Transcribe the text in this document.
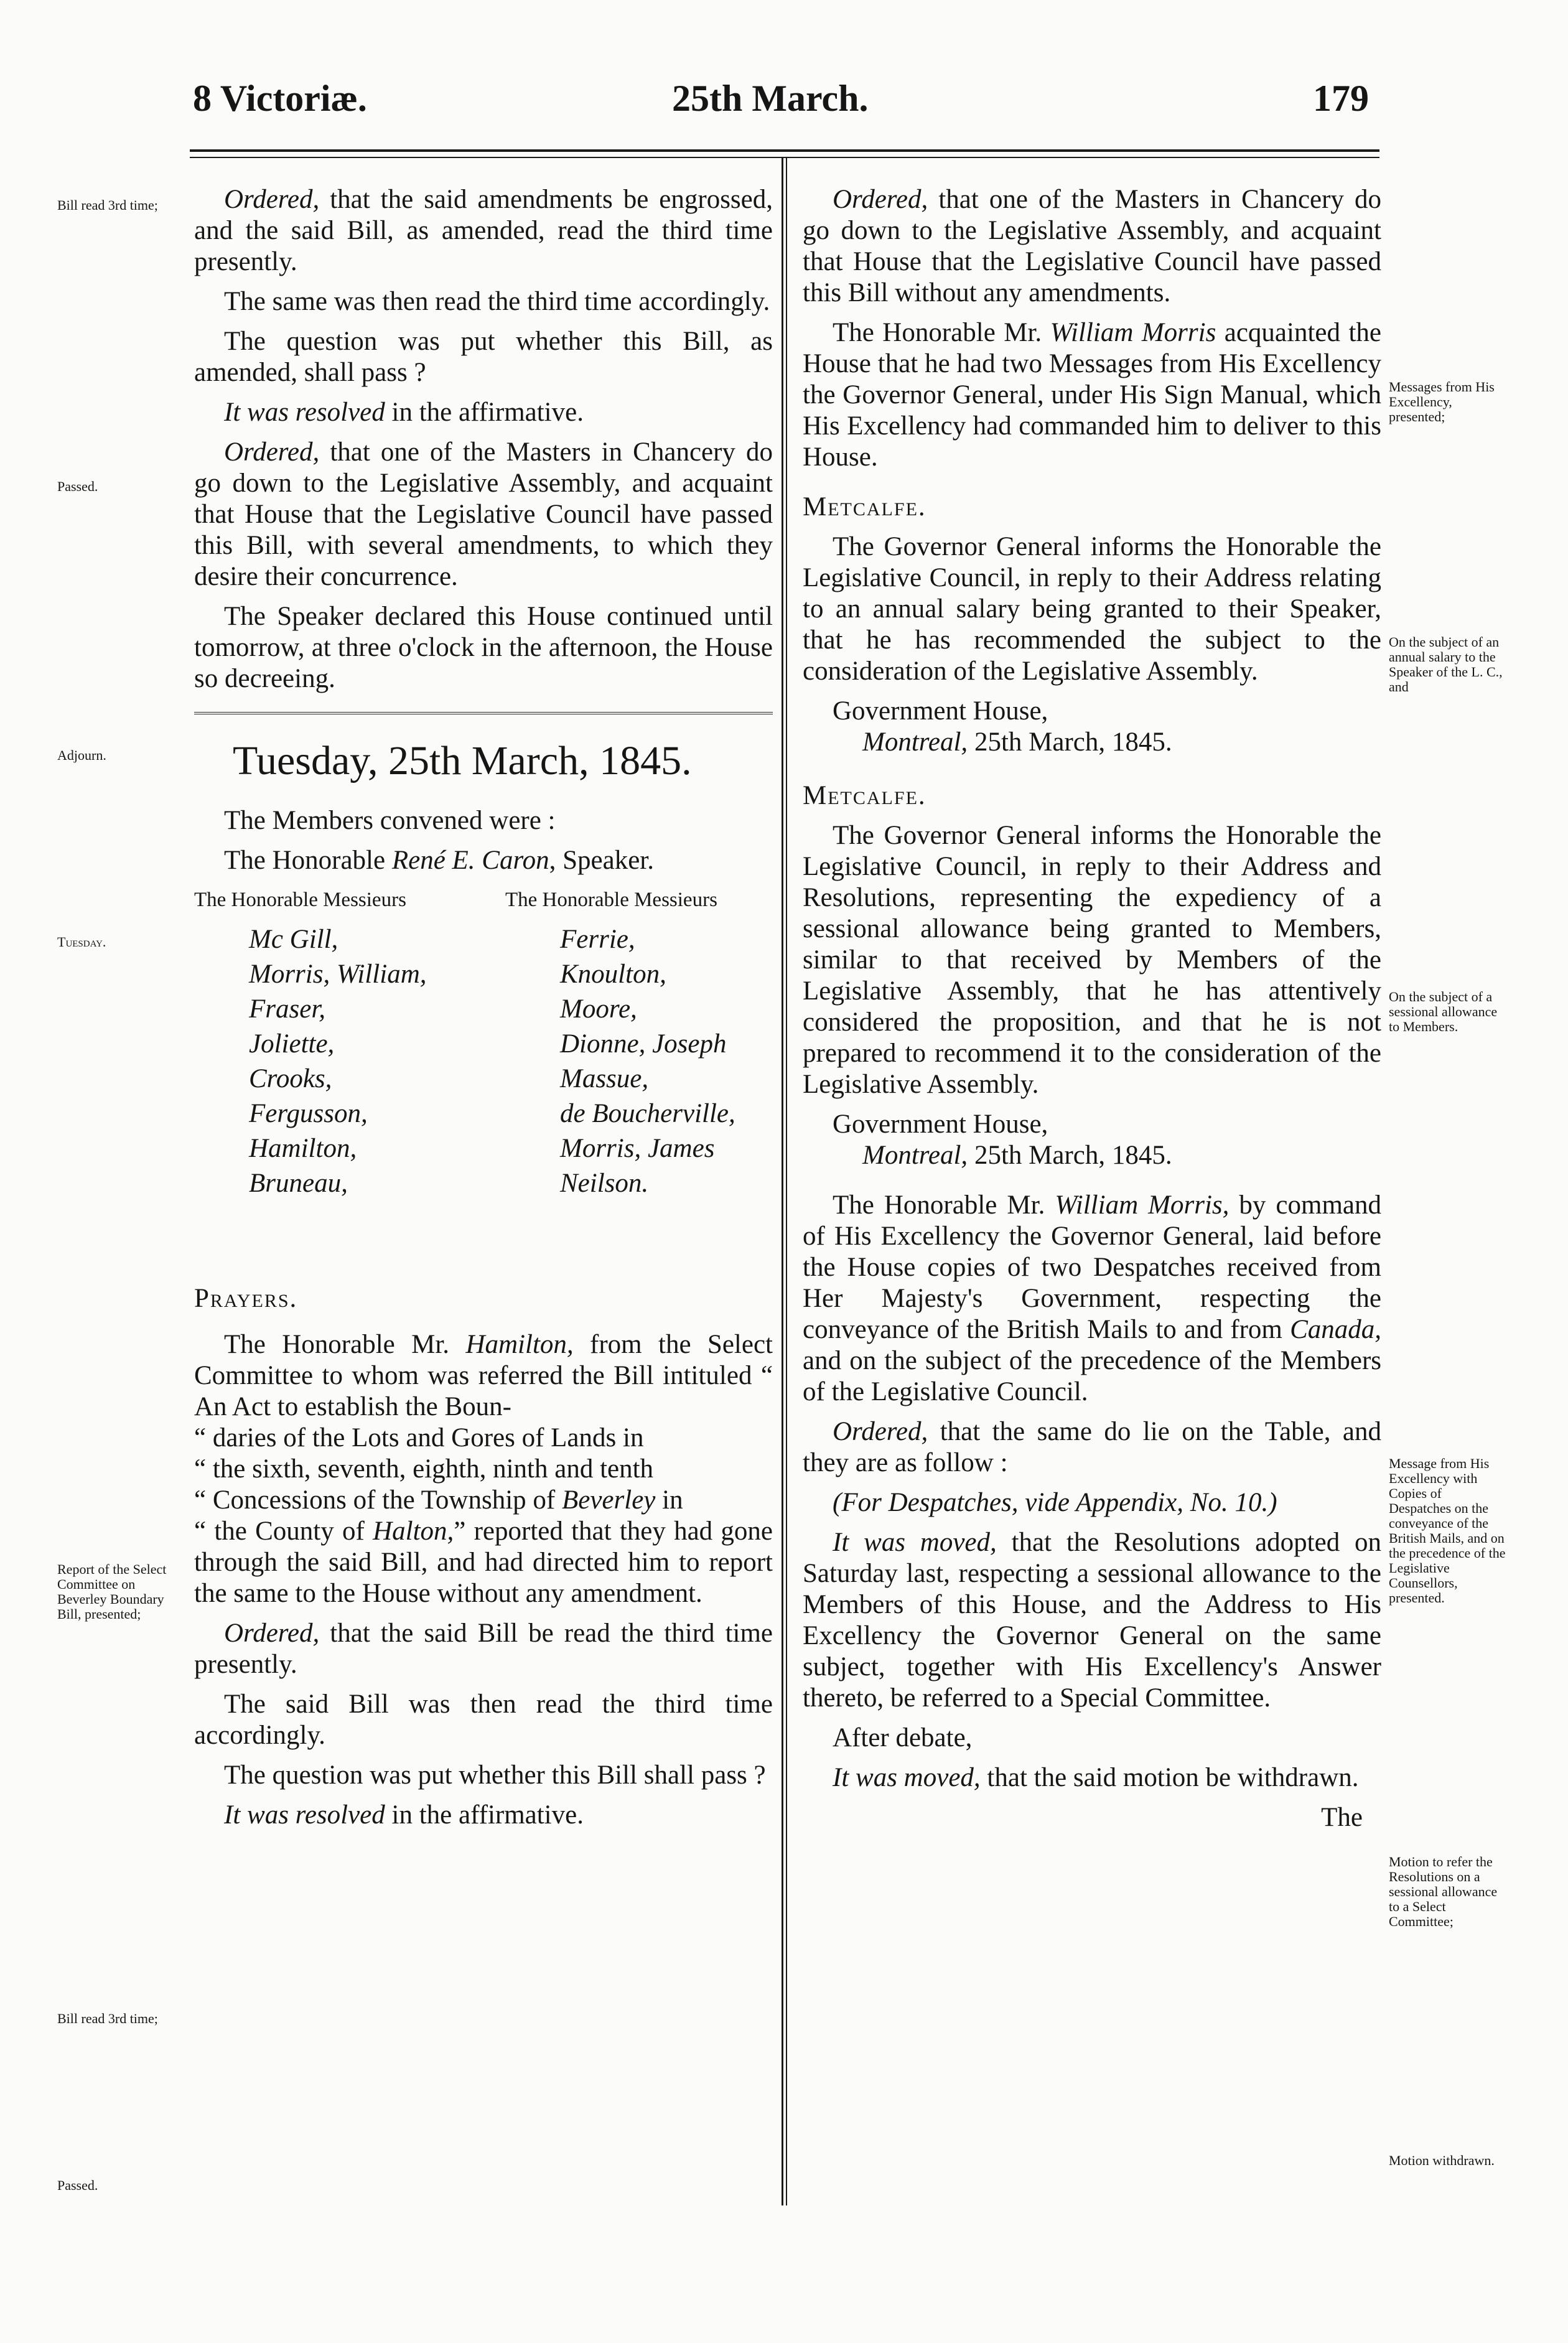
8 Victoriæ.	25th March.	179

Ordered, that the said amendments be engrossed, and the said Bill, as amended, read the third time presently.

The same was then read the third time accordingly.

The question was put whether this Bill, as amended, shall pass ?

It was resolved in the affirmative.

Ordered, that one of the Masters in Chancery do go down to the Legislative Assembly, and acquaint that House that the Legislative Council have passed this Bill, with several amendments, to which they desire their concurrence.

The Speaker declared this House continued until tomorrow, at three o'clock in the afternoon, the House so decreeing.

Tuesday, 25th March, 1845.

The Members convened were :

The Honorable René E. Caron, Speaker.

The Honorable Messieurs
Mc Gill,
Morris, William,
Fraser,
Joliette,
Crooks,
Fergusson,
Hamilton,
Bruneau,
The Honorable Messieurs
Ferrie,
Knoulton,
Moore,
Dionne, Joseph
Massue,
de Boucherville,
Morris, James
Neilson.

Prayers.

The Honorable Mr. Hamilton, from the Select Committee to whom was referred the Bill intituled “ An Act to establish the Boun-
“ daries of the Lots and Gores of Lands in
“ the sixth, seventh, eighth, ninth and tenth
“ Concessions of the Township of Beverley in
“ the County of Halton,” reported that they had gone through the said Bill, and had directed him to report the same to the House without any amendment.

Ordered, that the said Bill be read the third time presently.

The said Bill was then read the third time accordingly.

The question was put whether this Bill shall pass ?

It was resolved in the affirmative.

Ordered, that one of the Masters in Chancery do go down to the Legislative Assembly, and acquaint that House that the Legislative Council have passed this Bill without any amendments.

The Honorable Mr. William Morris acquainted the House that he had two Messages from His Excellency the Governor General, under His Sign Manual, which His Excellency had commanded him to deliver to this House.

Metcalfe.

The Governor General informs the Honorable the Legislative Council, in reply to their Address relating to an annual salary being granted to their Speaker, that he has recommended the subject to the consideration of the Legislative Assembly.

Government House,

Montreal, 25th March, 1845.

Metcalfe.

The Governor General informs the Honorable the Legislative Council, in reply to their Address and Resolutions, representing the expediency of a sessional allowance being granted to Members, similar to that received by Members of the Legislative Assembly, that he has attentively considered the proposition, and that he is not prepared to recommend it to the consideration of the Legislative Assembly.

Government House,

Montreal, 25th March, 1845.

The Honorable Mr. William Morris, by command of His Excellency the Governor General, laid before the House copies of two Despatches received from Her Majesty's Government, respecting the conveyance of the British Mails to and from Canada, and on the subject of the precedence of the Members of the Legislative Council.

Ordered, that the same do lie on the Table, and they are as follow :

(For Despatches, vide Appendix, No. 10.)

It was moved, that the Resolutions adopted on Saturday last, respecting a sessional allowance to the Members of this House, and the Address to His Excellency the Governor General on the same subject, together with His Excellency's Answer thereto, be referred to a Special Committee.

After debate,

It was moved, that the said motion be withdrawn.

The

Bill read 3rd time;
Passed.
Adjourn.
Tuesday.
Report of the Select Committee on Beverley Boundary Bill, presented;
Bill read 3rd time;
Passed.
Messages from His Excellency, presented;
On the subject of an annual salary to the Speaker of the L. C., and
On the subject of a sessional allowance to Members.
Message from His Excellency with Copies of Despatches on the conveyance of the British Mails, and on the precedence of the Legislative Counsellors, presented.
Motion to refer the Resolutions on a sessional allowance to a Select Committee;
Motion withdrawn.
